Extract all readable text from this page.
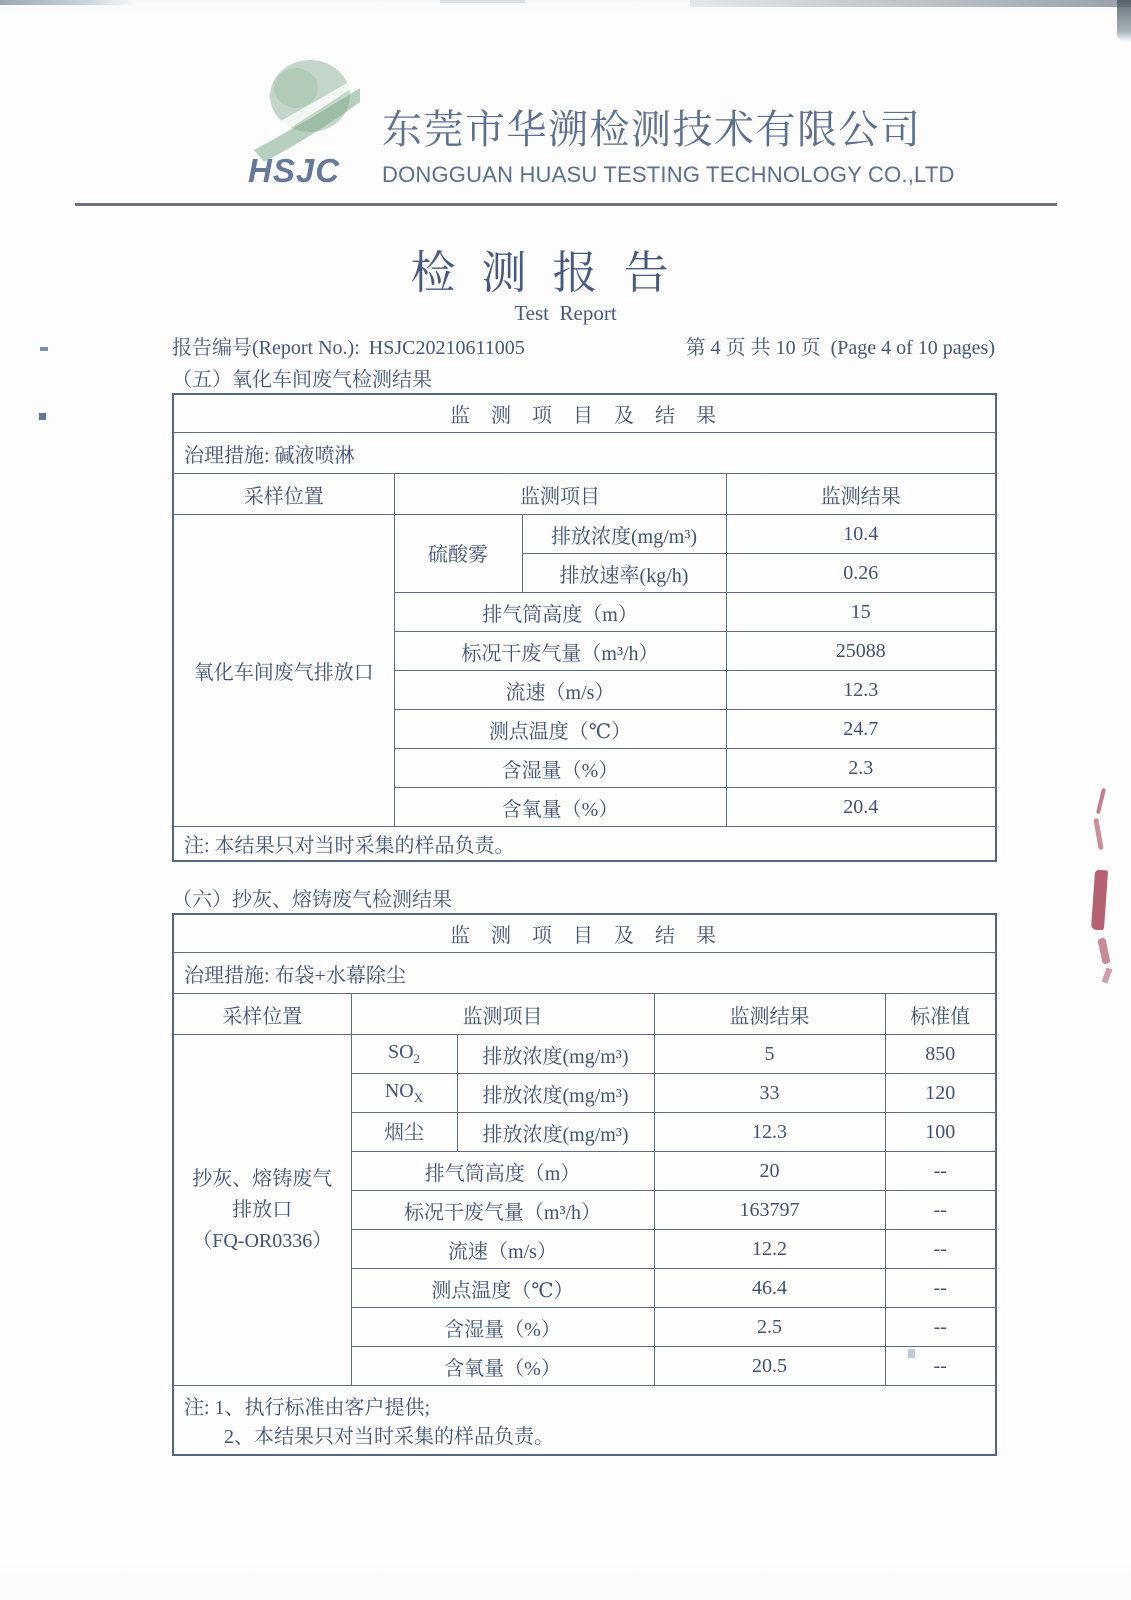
HSJC
东莞市华溯检测技术有限公司
DONGGUAN HUASU TESTING TECHNOLOGY CO.,LTD
检测报告
Test  Report
报告编号(Report No.): HSJC20210611005	第 4 页 共 10 页  (Page 4 of 10 pages)
（五）氧化车间废气检测结果
监测项目及结果			
治理措施: 碱液喷淋			
采样位置	监测项目		监测结果
氧化车间废气排放口	硫酸雾	排放浓度(mg/m³)	10.4
		排放速率(kg/h)	0.26
	排气筒高度（m）		15
	标况干废气量（m³/h）		25088
	流速（m/s）		12.3
	测点温度（℃）		24.7
	含湿量（%）		2.3
	含氧量（%）		20.4
注: 本结果只对当时采集的样品负责。			
（六）抄灰、熔铸废气检测结果
监测项目及结果				
治理措施: 布袋+水幕除尘				
采样位置	监测项目		监测结果	标准值

抄灰、熔铸废气
排放口
（FQ-OR0336）	$SO_2$	排放浓度(mg/m³)	5	850
	$NO_X$	排放浓度(mg/m³)	33	120
	烟尘	排放浓度(mg/m³)	12.3	100
	排气筒高度（m）		20	--
	标况干废气量（m³/h）		163797	--
	流速（m/s）		12.2	--
	测点温度（℃）		46.4	--
	含湿量（%）		2.5	--
	含氧量（%）		20.5	--

注: 1、执行标准由客户提供;
2、本结果只对当时采集的样品负责。				
